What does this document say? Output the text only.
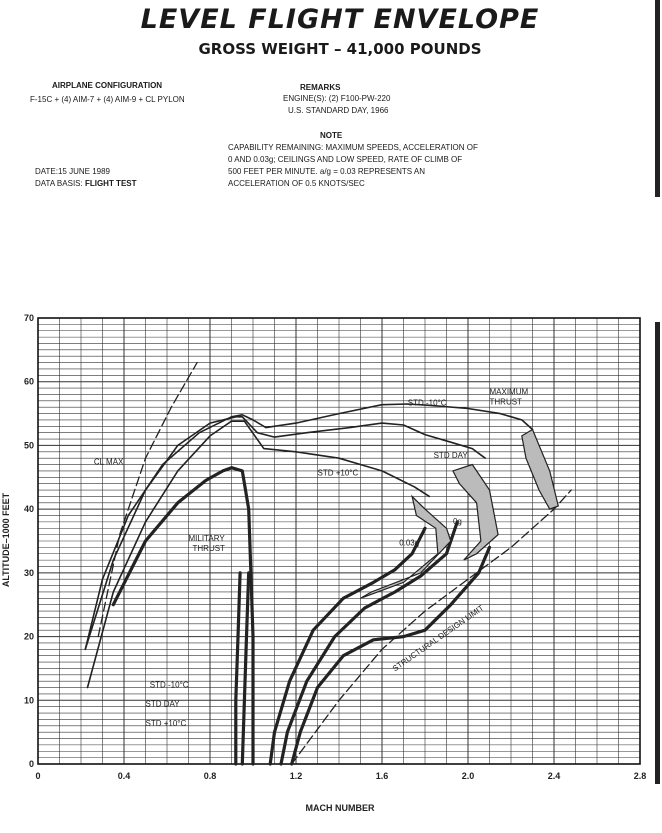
LEVEL FLIGHT ENVELOPE
GROSS WEIGHT – 41,000 POUNDS
AIRPLANE CONFIGURATION
F-15C + (4) AIM-7 + (4) AIM-9 + CL PYLON
REMARKS
ENGINE(S): (2) F100-PW-220
U.S. STANDARD DAY, 1966
NOTE
CAPABILITY REMAINING: MAXIMUM SPEEDS, ACCELERATION OF
0 AND 0.03g; CEILINGS AND LOW SPEED, RATE OF CLIMB OF
500 FEET PER MINUTE. a/g = 0.03 REPRESENTS AN
ACCELERATION OF 0.5 KNOTS/SEC
DATE:15 JUNE 1989
DATA BASIS: FLIGHT TEST
CL MAX
MILITARY THRUST
MAXIMUM THRUST
STD -10°C
STD DAY
STD +10°C
0.03g
0g
STRUCTURAL DESIGN LIMIT
STD -10°C
STD DAY
STD +10°C
0	0.4	0.8	1.2	1.6	2.0	2.4	2.8
0
10
20
30
40
50
60
70
MACH NUMBER
ALTITUDE–1000 FEET
